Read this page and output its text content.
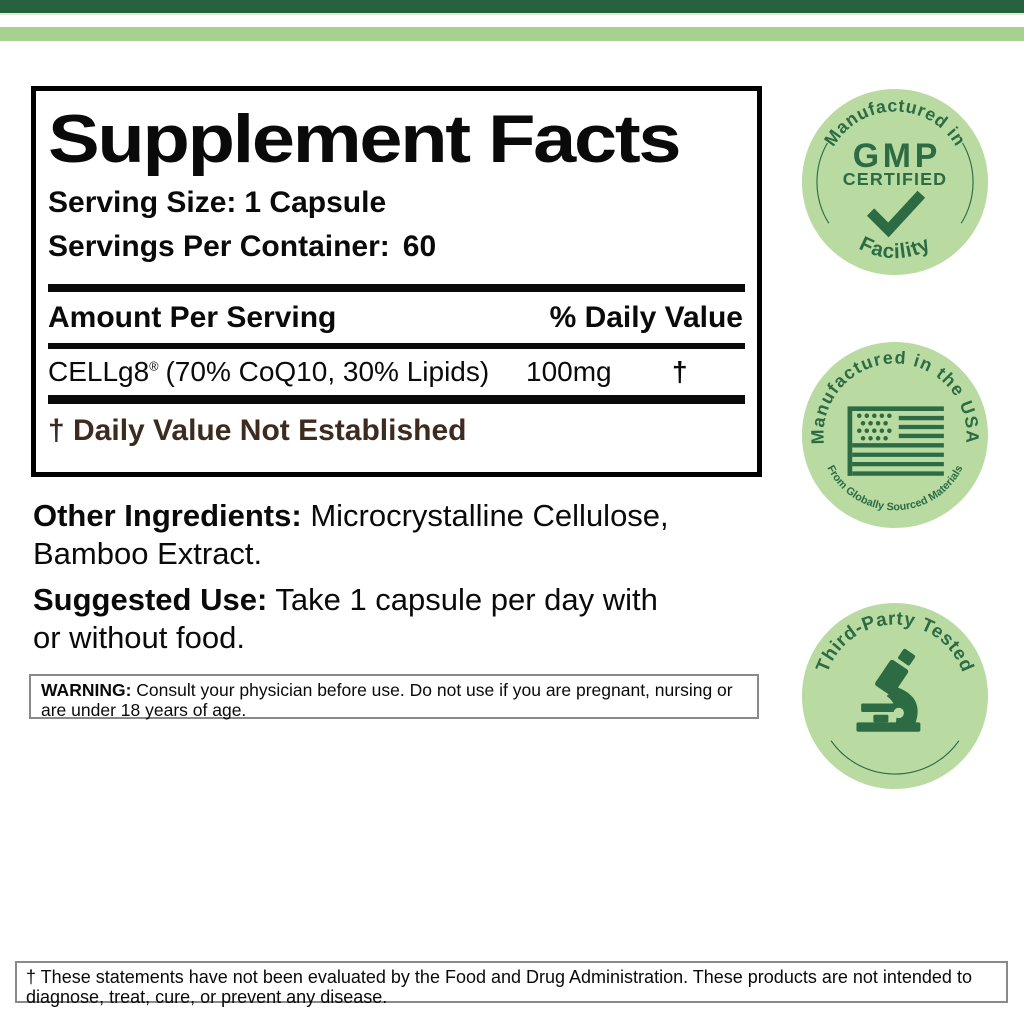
Supplement Facts
Serving Size: 1 Capsule
Servings Per Container: 60
Amount Per Serving	% Daily Value
CELLg8® (70% CoQ10, 30% Lipids) 100mg †
† Daily Value Not Established
Other Ingredients: Microcrystalline Cellulose,
Bamboo Extract.
Suggested Use: Take 1 capsule per day with
or without food.
WARNING: Consult your physician before use. Do not use if you are pregnant, nursing or are under 18 years of age.
† These statements have not been evaluated by the Food and Drug Administration. These products are not intended to diagnose, treat, cure, or prevent any disease.
Manufactured in
GMP
CERTIFIED
Facility
Manufactured in the USA
From Globally Sourced Materials
Third-Party Tested
